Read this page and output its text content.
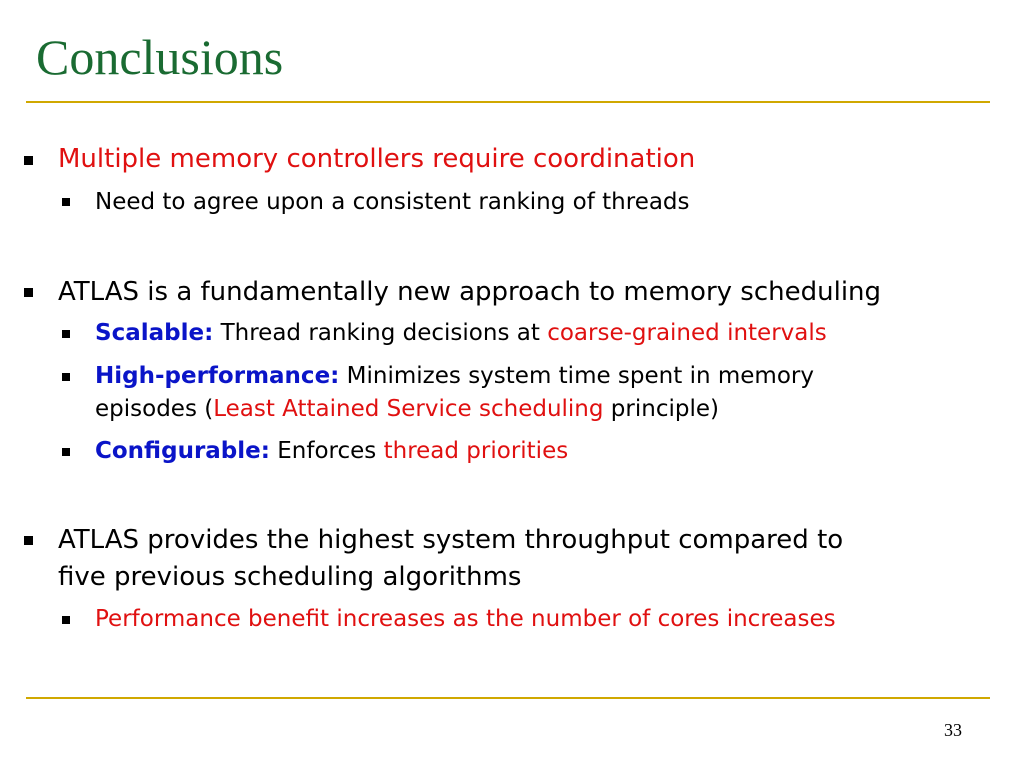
Conclusions
Multiple memory controllers require coordination
Need to agree upon a consistent ranking of threads
ATLAS is a fundamentally new approach to memory scheduling
Scalable: Thread ranking decisions at coarse-grained intervals
High-performance: Minimizes system time spent in memory
episodes (Least Attained Service scheduling principle)
Configurable: Enforces thread priorities
ATLAS provides the highest system throughput compared to
five previous scheduling algorithms
Performance benefit increases as the number of cores increases
33
